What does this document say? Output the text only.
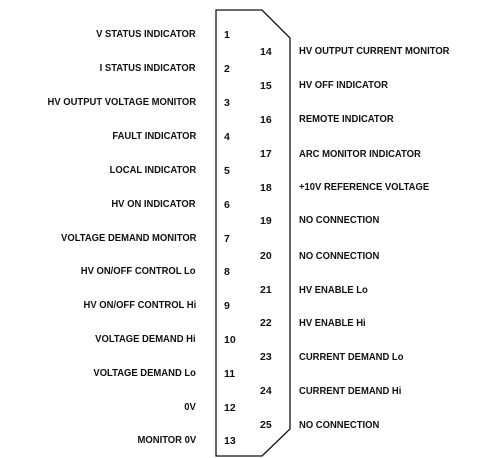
V STATUS INDICATOR
I STATUS INDICATOR
HV OUTPUT VOLTAGE MONITOR
FAULT INDICATOR
LOCAL INDICATOR
HV ON INDICATOR
VOLTAGE DEMAND MONITOR
HV ON/OFF CONTROL Lo
HV ON/OFF CONTROL Hi
VOLTAGE DEMAND Hi
VOLTAGE DEMAND Lo
0V
MONITOR 0V
1
2
3
4
5
6
7
8
9
10
11
12
13
14
15
16
17
18
19
20
21
22
23
24
25
HV OUTPUT CURRENT MONITOR
HV OFF INDICATOR
REMOTE INDICATOR
ARC MONITOR INDICATOR
+10V REFERENCE VOLTAGE
NO CONNECTION
NO CONNECTION
HV ENABLE Lo
HV ENABLE Hi
CURRENT DEMAND Lo
CURRENT DEMAND Hi
NO CONNECTION
